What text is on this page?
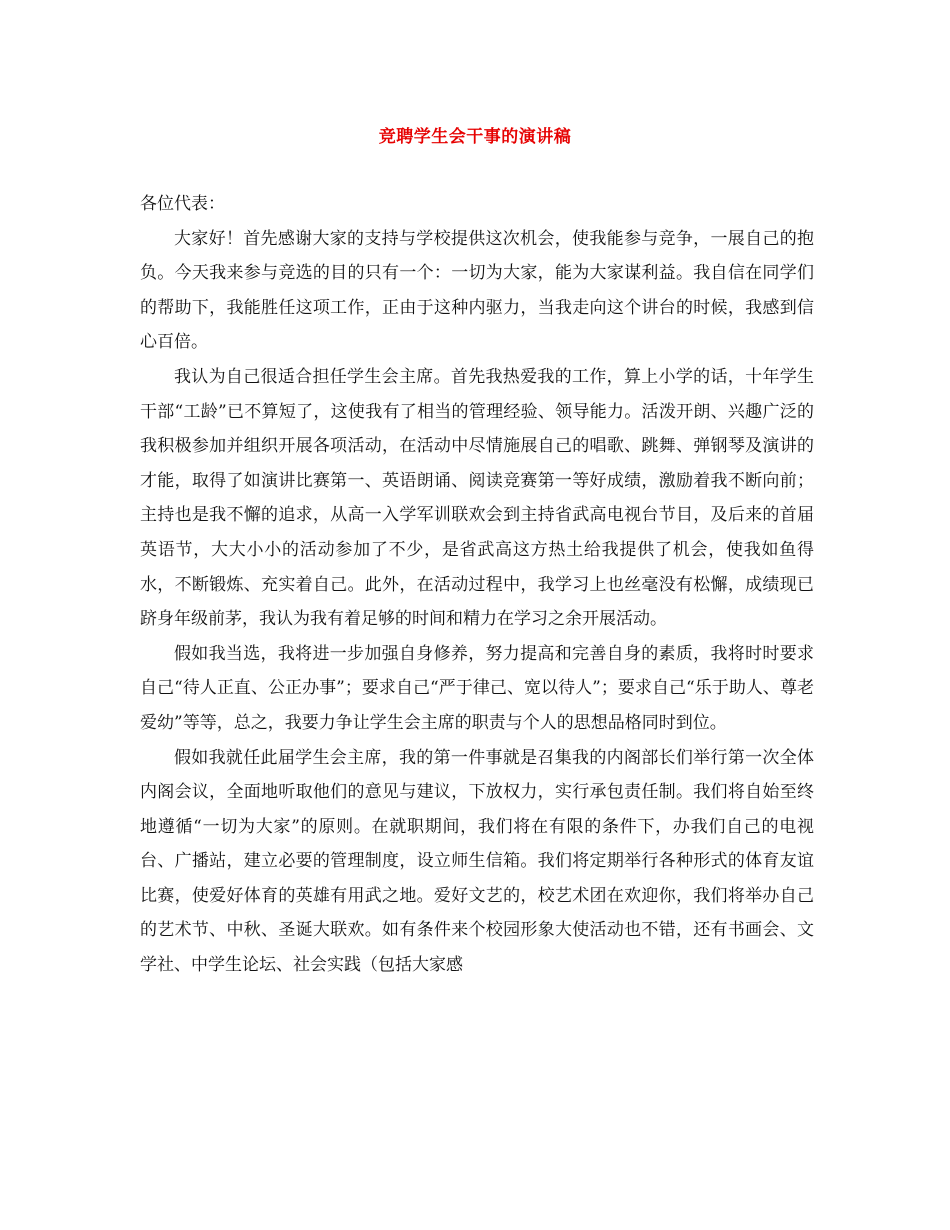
竞聘学生会干事的演讲稿

各位代表：

大家好！首先感谢大家的支持与学校提供这次机会，使我能参与竞争，一展自己的抱负。今天我来参与竞选的目的只有一个：一切为大家，能为大家谋利益。我自信在同学们的帮助下，我能胜任这项工作，正由于这种内驱力，当我走向这个讲台的时候，我感到信心百倍。

我认为自己很适合担任学生会主席。首先我热爱我的工作，算上小学的话，十年学生干部“工龄”已不算短了，这使我有了相当的管理经验、领导能力。活泼开朗、兴趣广泛的我积极参加并组织开展各项活动，在活动中尽情施展自己的唱歌、跳舞、弹钢琴及演讲的才能，取得了如演讲比赛第一、英语朗诵、阅读竞赛第一等好成绩，激励着我不断向前；主持也是我不懈的追求，从高一入学军训联欢会到主持省武高电视台节目，及后来的首届英语节，大大小小的活动参加了不少，是省武高这方热土给我提供了机会，使我如鱼得水，不断锻炼、充实着自己。此外，在活动过程中，我学习上也丝毫没有松懈，成绩现已跻身年级前茅，我认为我有着足够的时间和精力在学习之余开展活动。

假如我当选，我将进一步加强自身修养，努力提高和完善自身的素质，我将时时要求自己“待人正直、公正办事”；要求自己“严于律己、宽以待人”；要求自己“乐于助人、尊老爱幼”等等，总之，我要力争让学生会主席的职责与个人的思想品格同时到位。

假如我就任此届学生会主席，我的第一件事就是召集我的内阁部长们举行第一次全体内阁会议，全面地听取他们的意见与建议，下放权力，实行承包责任制。我们将自始至终地遵循“一切为大家”的原则。在就职期间，我们将在有限的条件下，办我们自己的电视台、广播站，建立必要的管理制度，设立师生信箱。我们将定期举行各种形式的体育友谊比赛，使爱好体育的英雄有用武之地。爱好文艺的，校艺术团在欢迎你，我们将举办自己的艺术节、中秋、圣诞大联欢。如有条件来个校园形象大使活动也不错，还有书画会、文学社、中学生论坛、社会实践（包括大家感
